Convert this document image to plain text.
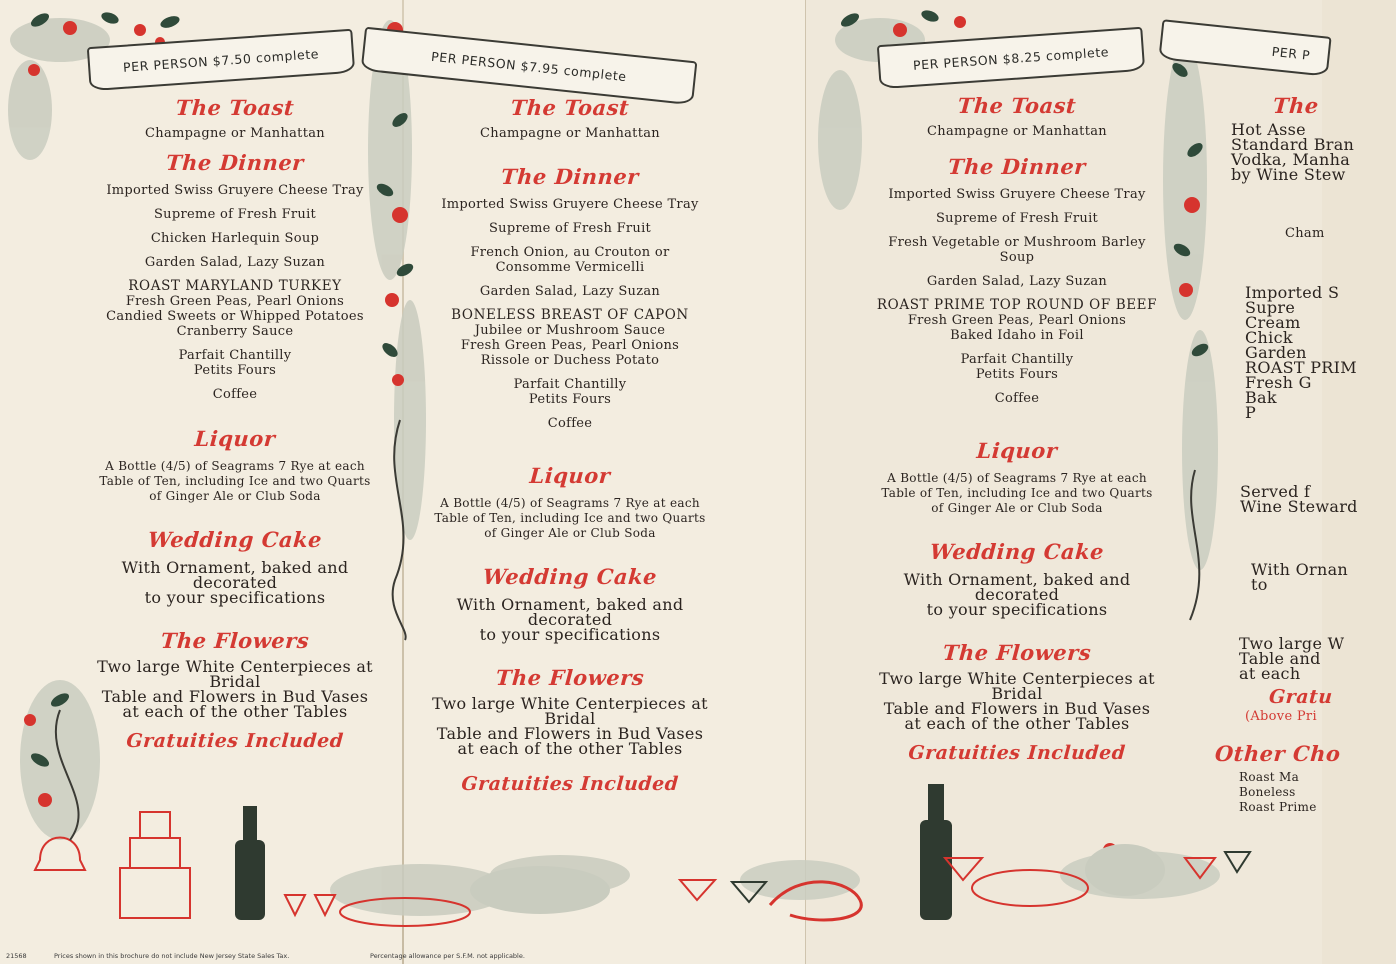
PER PERSON $7.50 complete	PER PERSON $7.95 complete	PER PERSON $8.25 complete	PER P

The Toast

Champagne or Manhattan

The Dinner

Imported Swiss Gruyere Cheese Tray

Supreme of Fresh Fruit

Chicken Harlequin Soup

Garden Salad, Lazy Suzan

ROAST MARYLAND TURKEY

Fresh Green Peas, Pearl Onions

Candied Sweets or Whipped Potatoes

Cranberry Sauce

Parfait Chantilly

Petits Fours

Coffee

Liquor

A Bottle (4/5) of Seagrams 7 Rye at each

Table of Ten, including Ice and two Quarts

of Ginger Ale or Club Soda

Wedding Cake

With Ornament, baked and decorated

to your specifications

The Flowers

Two large White Centerpieces at Bridal

Table and Flowers in Bud Vases

at each of the other Tables

Gratuities Included

The Toast

Champagne or Manhattan

The Dinner

Imported Swiss Gruyere Cheese Tray

Supreme of Fresh Fruit

French Onion, au Crouton or

Consomme Vermicelli

Garden Salad, Lazy Suzan

BONELESS BREAST OF CAPON

Jubilee or Mushroom Sauce

Fresh Green Peas, Pearl Onions

Rissole or Duchess Potato

Parfait Chantilly

Petits Fours

Coffee

Liquor

A Bottle (4/5) of Seagrams 7 Rye at each

Table of Ten, including Ice and two Quarts

of Ginger Ale or Club Soda

Wedding Cake

With Ornament, baked and decorated

to your specifications

The Flowers

Two large White Centerpieces at Bridal

Table and Flowers in Bud Vases

at each of the other Tables

Gratuities Included

The Toast

Champagne or Manhattan

The Dinner

Imported Swiss Gruyere Cheese Tray

Supreme of Fresh Fruit

Fresh Vegetable or Mushroom Barley Soup

Garden Salad, Lazy Suzan

ROAST PRIME TOP ROUND OF BEEF

Fresh Green Peas, Pearl Onions

Baked Idaho in Foil

Parfait Chantilly

Petits Fours

Coffee

Liquor

A Bottle (4/5) of Seagrams 7 Rye at each

Table of Ten, including Ice and two Quarts

of Ginger Ale or Club Soda

Wedding Cake

With Ornament, baked and decorated

to your specifications

The Flowers

Two large White Centerpieces at Bridal

Table and Flowers in Bud Vases

at each of the other Tables

Gratuities Included

The

Hot Asse

Standard Bran

Vodka, Manha

by Wine Stew

Cham

Imported S

Supre

Cream

Chick

Garden

ROAST PRIM

Fresh G

Bak

P

Served f

Wine Steward

With Ornan

to

Two large W

Table and

at each

Gratu

(Above Pri

Other Cho

Roast Ma

Boneless

Roast Prime

21568	Prices shown in this brochure do not include New Jersey State Sales Tax.	Percentage allowance per S.F.M. not applicable.
